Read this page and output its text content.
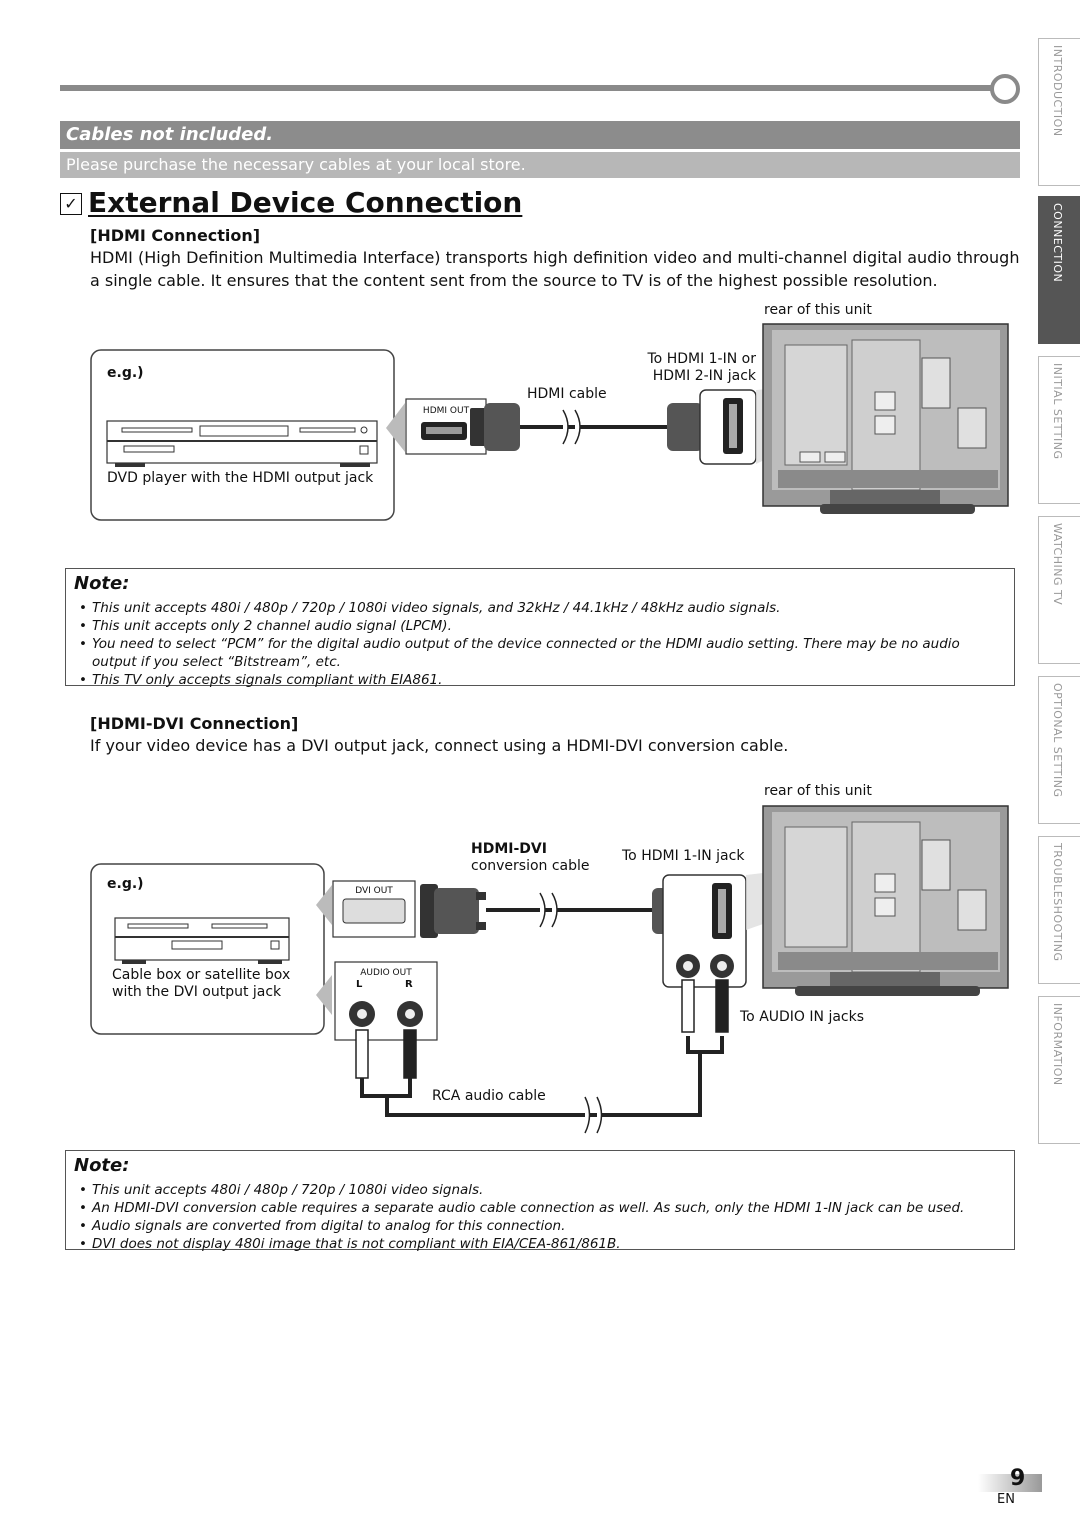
Cables not included.
Please purchase the necessary cables at your local store.
✓ External Device Connection
[HDMI Connection]
HDMI (High Definition Multimedia Interface) transports high definition video and multi-channel digital audio through a single cable. It ensures that the content sent from the source to TV is of the highest possible resolution.
rear of this unit
e.g.)
To HDMI 1-IN or
HDMI 2-IN jack
HDMI cable
HDMI OUT
DVD player with the HDMI output jack
Note:
• This unit accepts 480i / 480p / 720p / 1080i video signals, and 32kHz / 44.1kHz / 48kHz audio signals.
• This unit accepts only 2 channel audio signal (LPCM).
• You need to select “PCM” for the digital audio output of the device connected or the HDMI audio setting. There may be no audio output if you select “Bitstream”, etc.
• This TV only accepts signals compliant with EIA861.
[HDMI-DVI Connection]
If your video device has a DVI output jack, connect using a HDMI-DVI conversion cable.
rear of this unit
HDMI-DVI
conversion cable
To HDMI 1-IN jack
e.g.)	DVI OUT
AUDIO OUT
L	R
Cable box or satellite box
with the DVI output jack
To AUDIO IN jacks
RCA audio cable
Note:
• This unit accepts 480i / 480p / 720p / 1080i video signals.
• An HDMI-DVI conversion cable requires a separate audio cable connection as well. As such, only the HDMI 1-IN jack can be used.
• Audio signals are converted from digital to analog for this connection.
• DVI does not display 480i image that is not compliant with EIA/CEA-861/861B.
INTRODUCTION
CONNECTION
INITIAL SETTING
WATCHING TV
OPTIONAL SETTING
TROUBLESHOOTING
INFORMATION
9
EN
